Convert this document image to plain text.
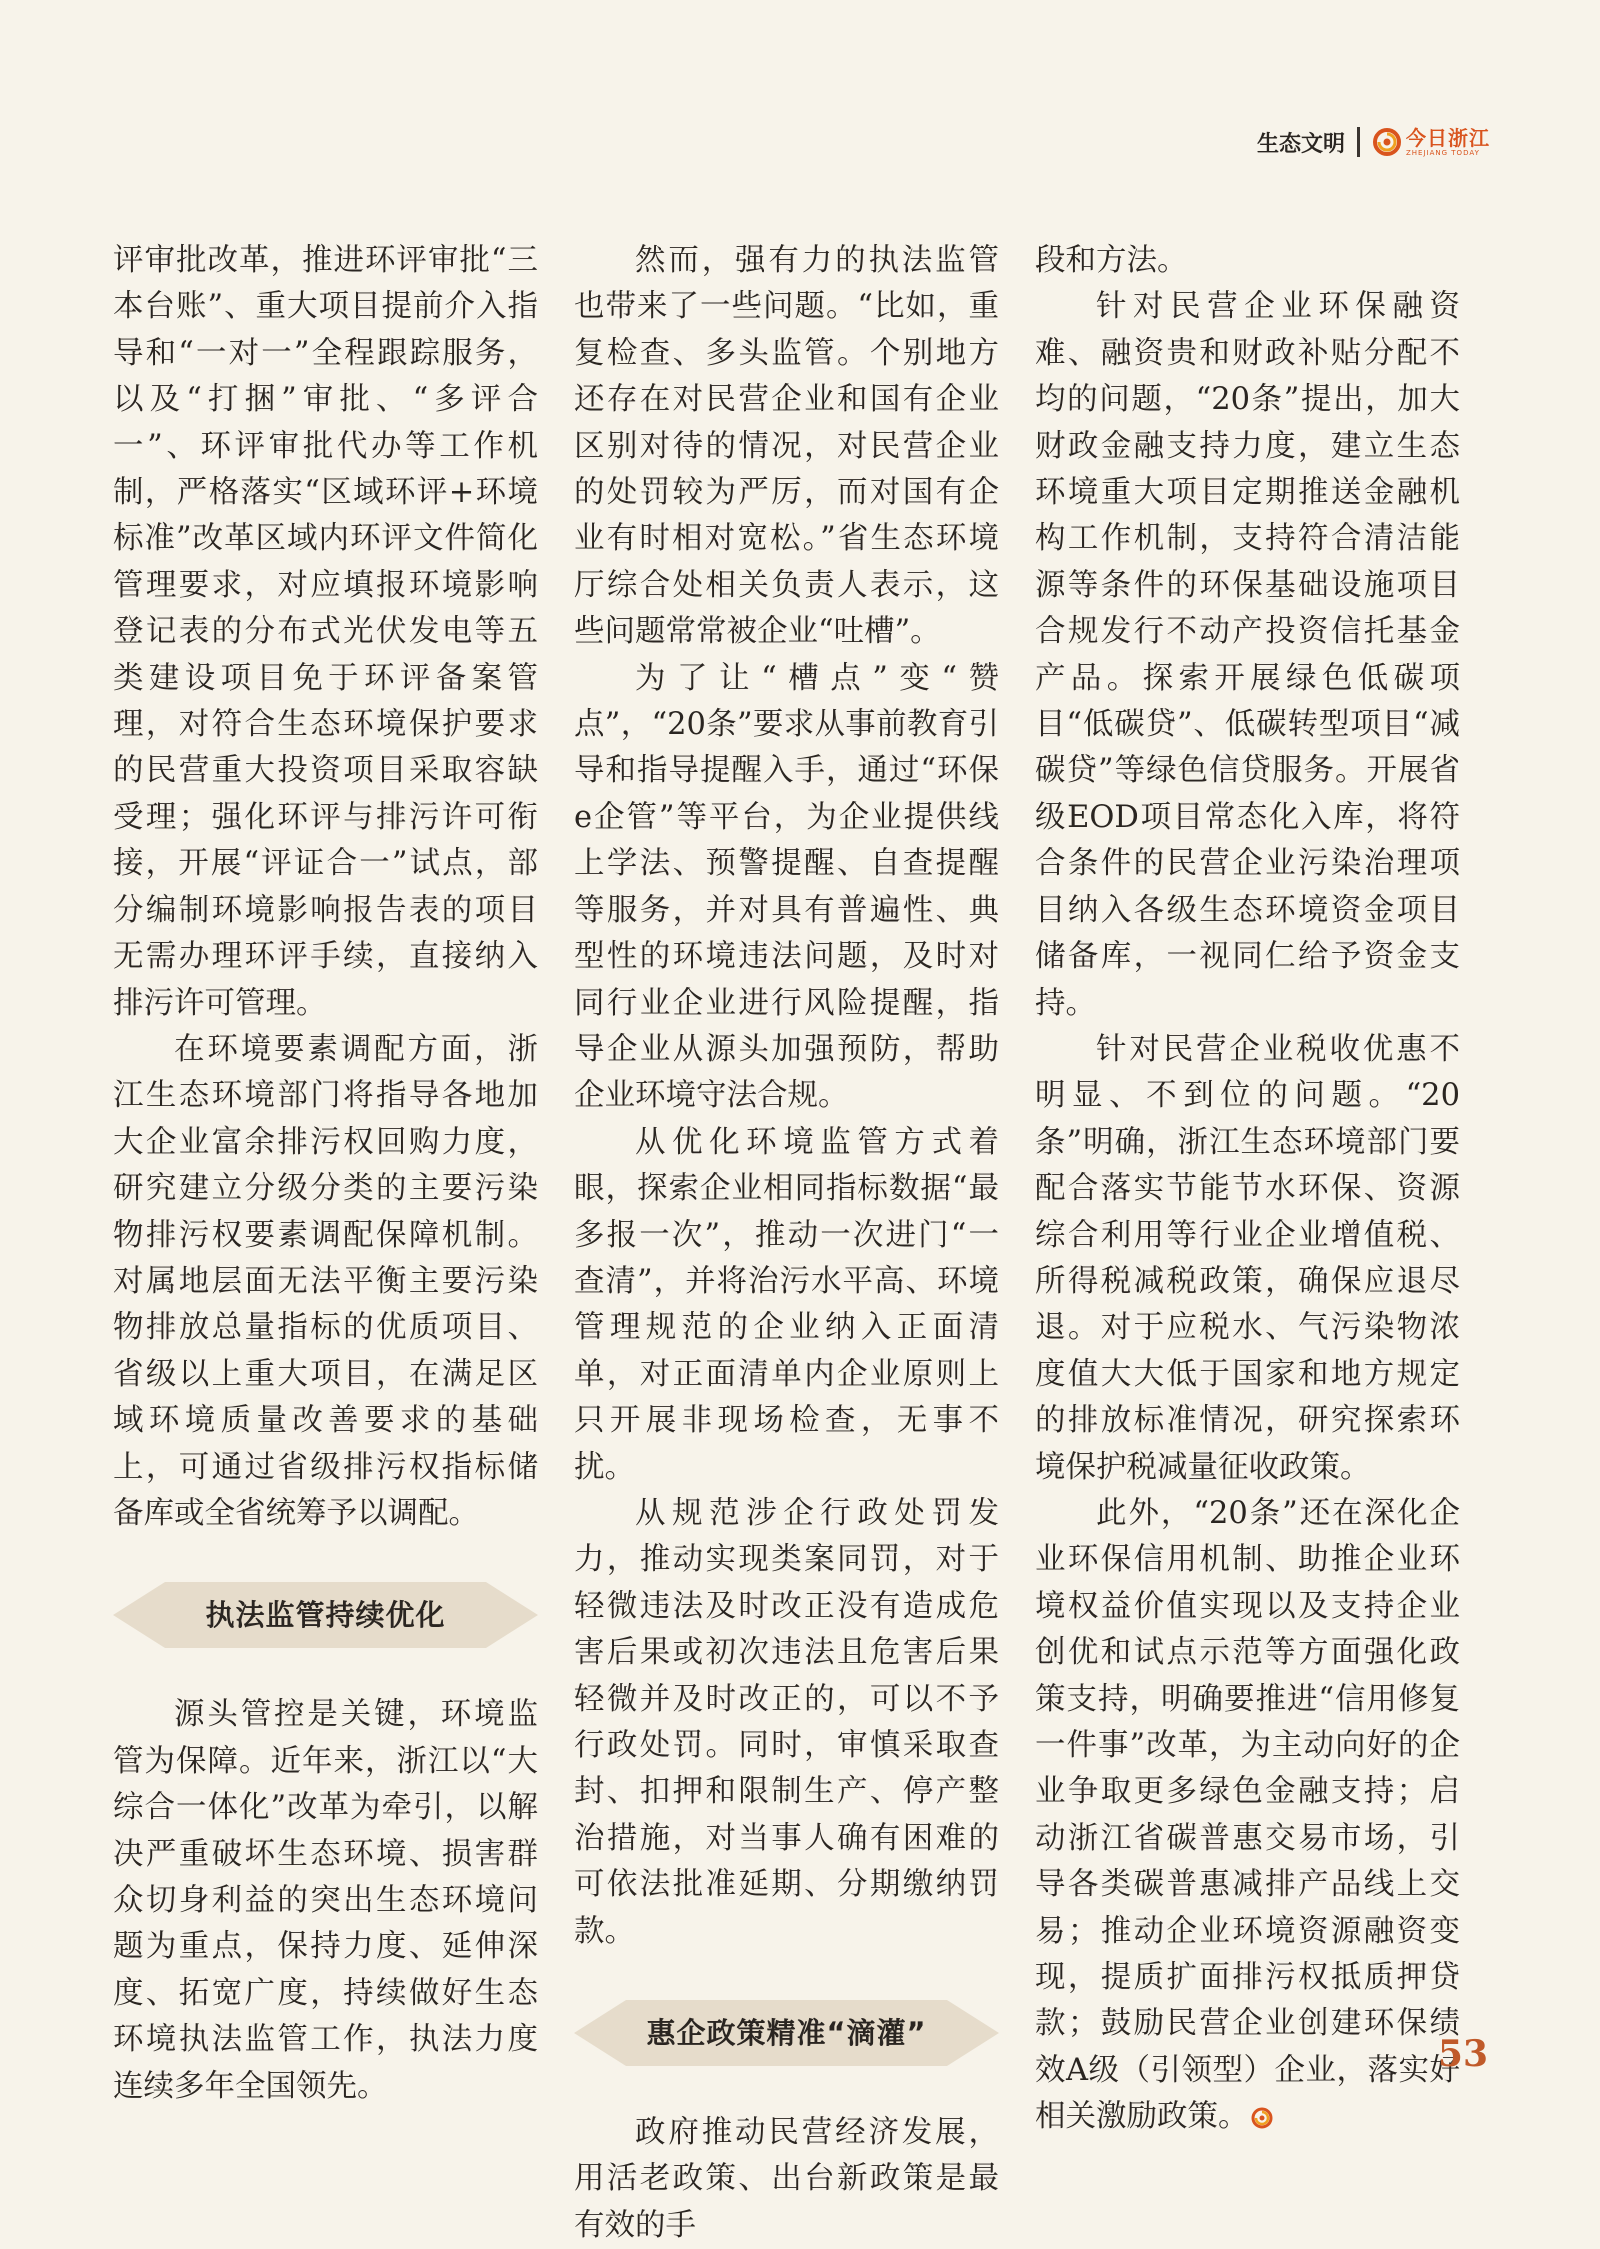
生态文明	今日浙江
ZHEJIANG TODAY

评审批改革，推进环评审批“三本台账”、重大项目提前介入指导和“一对一”全程跟踪服务，以及“打捆”审批、“多评合一”、环评审批代办等工作机制，严格落实“区域环评+环境标准”改革区域内环评文件简化管理要求，对应填报环境影响登记表的分布式光伏发电等五类建设项目免于环评备案管理，对符合生态环境保护要求的民营重大投资项目采取容缺受理；强化环评与排污许可衔接，开展“评证合一”试点，部分编制环境影响报告表的项目无需办理环评手续，直接纳入排污许可管理。

在环境要素调配方面，浙江生态环境部门将指导各地加大企业富余排污权回购力度，研究建立分级分类的主要污染物排污权要素调配保障机制。对属地层面无法平衡主要污染物排放总量指标的优质项目、省级以上重大项目，在满足区域环境质量改善要求的基础上，可通过省级排污权指标储备库或全省统筹予以调配。

执法监管持续优化

源头管控是关键，环境监管为保障。近年来，浙江以“大综合一体化”改革为牵引，以解决严重破坏生态环境、损害群众切身利益的突出生态环境问题为重点，保持力度、延伸深度、拓宽广度，持续做好生态环境执法监管工作，执法力度连续多年全国领先。

然而，强有力的执法监管也带来了一些问题。“比如，重复检查、多头监管。个别地方还存在对民营企业和国有企业区别对待的情况，对民营企业的处罚较为严厉，而对国有企业有时相对宽松。”省生态环境厅综合处相关负责人表示，这些问题常常被企业“吐槽”。

为了让“槽点”变“赞点”，“20条”要求从事前教育引导和指导提醒入手，通过“环保e企管”等平台，为企业提供线上学法、预警提醒、自查提醒等服务，并对具有普遍性、典型性的环境违法问题，及时对同行业企业进行风险提醒，指导企业从源头加强预防，帮助企业环境守法合规。

从优化环境监管方式着眼，探索企业相同指标数据“最多报一次”，推动一次进门“一查清”，并将治污水平高、环境管理规范的企业纳入正面清单，对正面清单内企业原则上只开展非现场检查，无事不扰。

从规范涉企行政处罚发力，推动实现类案同罚，对于轻微违法及时改正没有造成危害后果或初次违法且危害后果轻微并及时改正的，可以不予行政处罚。同时，审慎采取查封、扣押和限制生产、停产整治措施，对当事人确有困难的可依法批准延期、分期缴纳罚款。

惠企政策精准“滴灌”

政府推动民营经济发展，用活老政策、出台新政策是最有效的手

段和方法。

针对民营企业环保融资难、融资贵和财政补贴分配不均的问题，“20条”提出，加大财政金融支持力度，建立生态环境重大项目定期推送金融机构工作机制，支持符合清洁能源等条件的环保基础设施项目合规发行不动产投资信托基金产品。探索开展绿色低碳项目“低碳贷”、低碳转型项目“减碳贷”等绿色信贷服务。开展省级EOD项目常态化入库，将符合条件的民营企业污染治理项目纳入各级生态环境资金项目储备库，一视同仁给予资金支持。

针对民营企业税收优惠不明显、不到位的问题。“20条”明确，浙江生态环境部门要配合落实节能节水环保、资源综合利用等行业企业增值税、所得税减税政策，确保应退尽退。对于应税水、气污染物浓度值大大低于国家和地方规定的排放标准情况，研究探索环境保护税减量征收政策。

此外，“20条”还在深化企业环保信用机制、助推企业环境权益价值实现以及支持企业创优和试点示范等方面强化政策支持，明确要推进“信用修复一件事”改革，为主动向好的企业争取更多绿色金融支持；启动浙江省碳普惠交易市场，引导各类碳普惠减排产品线上交易；推动企业环境资源融资变现，提质扩面排污权抵质押贷款；鼓励民营企业创建环保绩效A级（引领型）企业，落实好相关激励政策。

53
